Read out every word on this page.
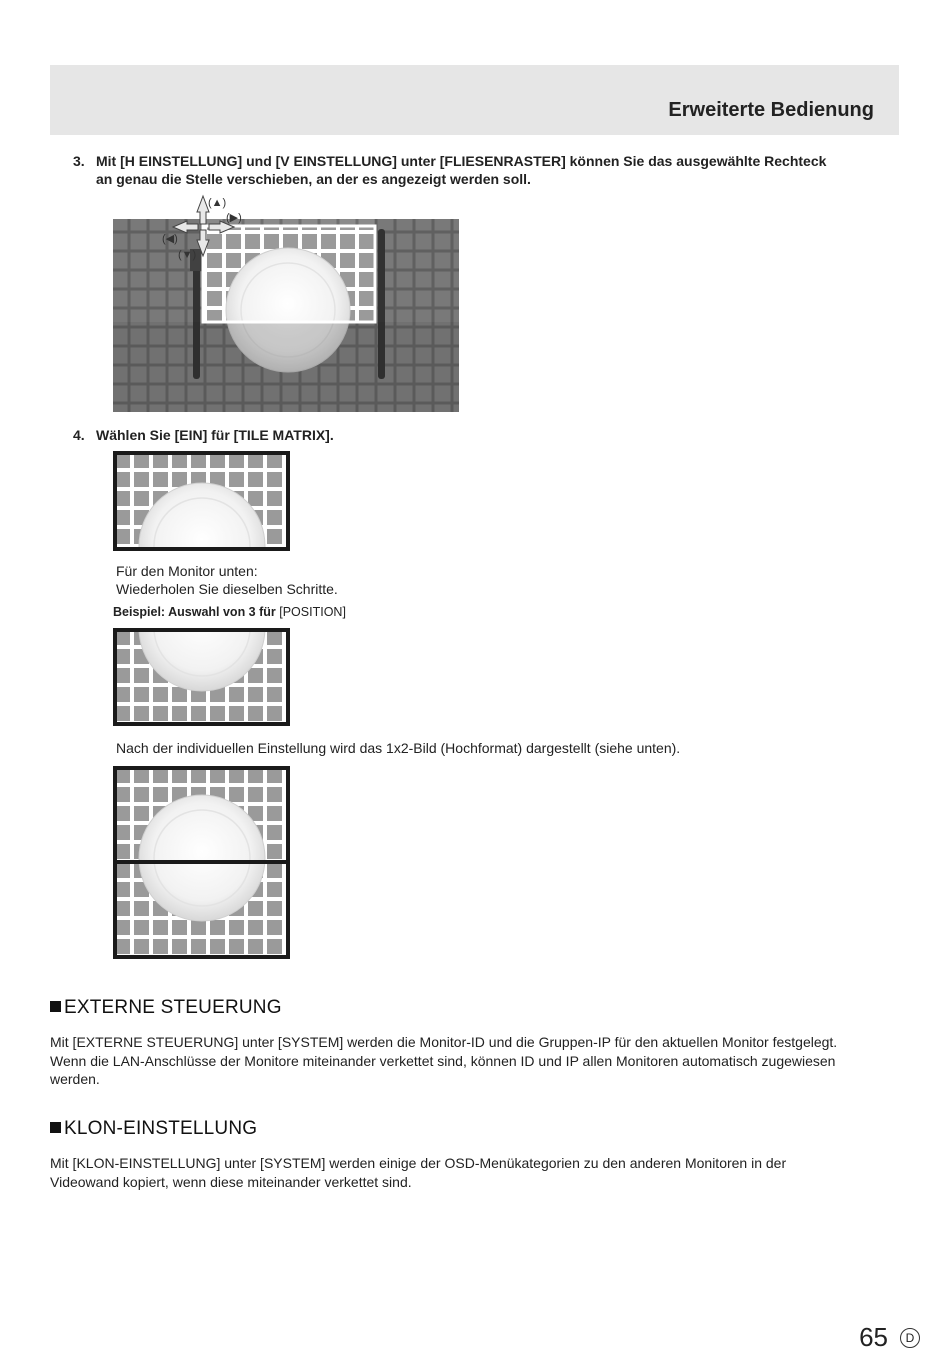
Erweiterte Bedienung
3. Mit [H EINSTELLUNG] und [V EINSTELLUNG] unter [FLIESENRASTER] können Sie das ausgewählte Rechteck
an genau die Stelle verschieben, an der es angezeigt werden soll.
(▲)
(▶)
(◀)
(▼)
4. Wählen Sie [EIN] für [TILE MATRIX].
Für den Monitor unten:
Wiederholen Sie dieselben Schritte.
Beispiel: Auswahl von 3 für [POSITION]
Nach der individuellen Einstellung wird das 1x2-Bild (Hochformat) dargestellt (siehe unten).
EXTERNE STEUERUNG
Mit [EXTERNE STEUERUNG] unter [SYSTEM] werden die Monitor-ID und die Gruppen-IP für den aktuellen Monitor festgelegt.
Wenn die LAN-Anschlüsse der Monitore miteinander verkettet sind, können ID und IP allen Monitoren automatisch zugewiesen
werden.
KLON-EINSTELLUNG
Mit [KLON-EINSTELLUNG] unter [SYSTEM] werden einige der OSD-Menükategorien zu den anderen Monitoren in der
Videowand kopiert, wenn diese miteinander verkettet sind.
65	D
